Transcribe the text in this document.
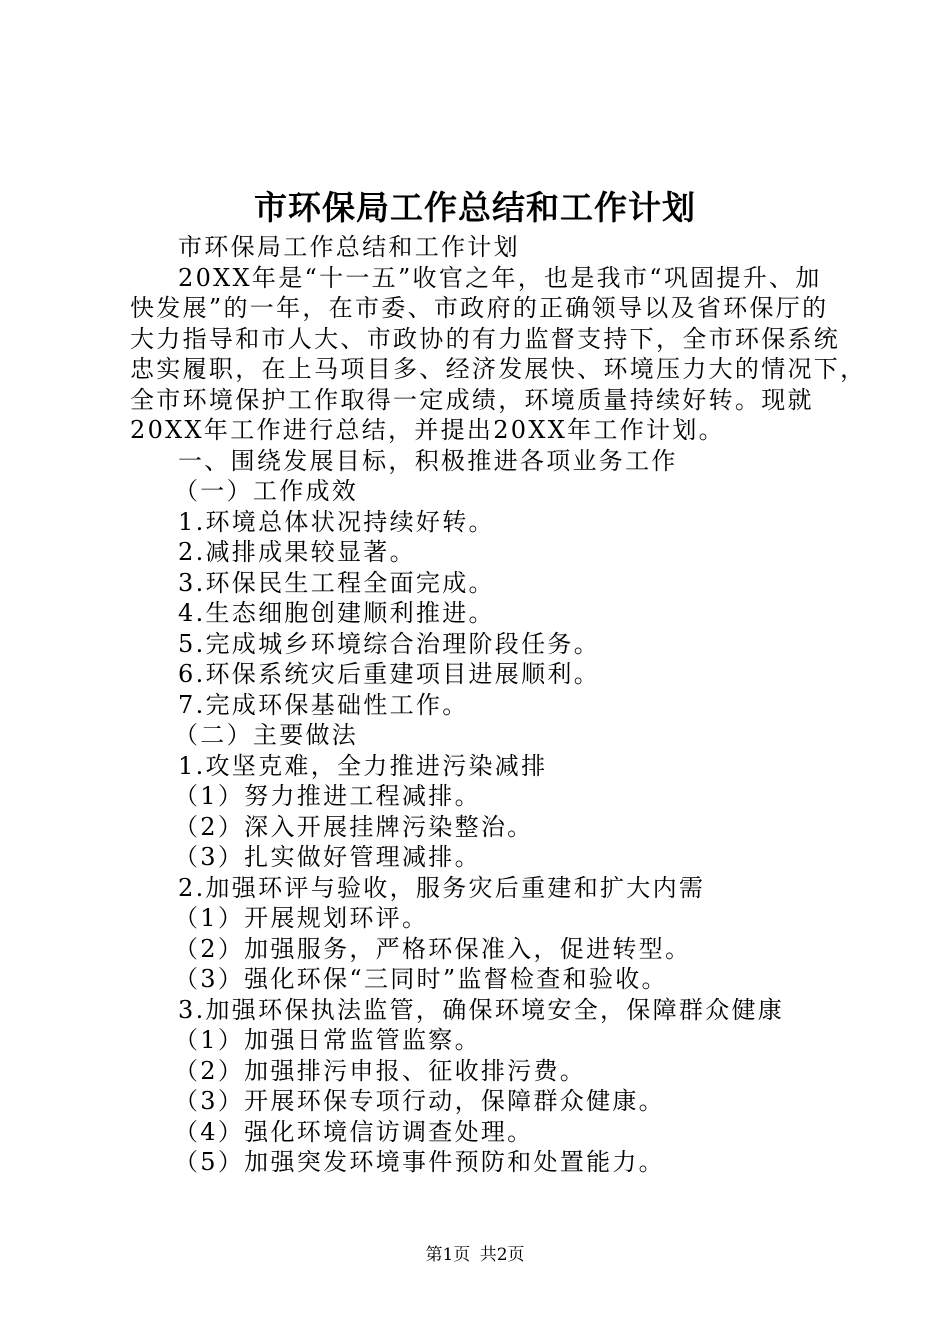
市环保局工作总结和工作计划
市环保局工作总结和工作计划
20XX年是“十一五”收官之年，也是我市“巩固提升、加
快发展”的一年，在市委、市政府的正确领导以及省环保厅的
大力指导和市人大、市政协的有力监督支持下，全市环保系统
忠实履职，在上马项目多、经济发展快、环境压力大的情况下，
全市环境保护工作取得一定成绩，环境质量持续好转。现就
20XX年工作进行总结，并提出20XX年工作计划。
一、围绕发展目标，积极推进各项业务工作
（一）工作成效
1.环境总体状况持续好转。
2.减排成果较显著。
3.环保民生工程全面完成。
4.生态细胞创建顺利推进。
5.完成城乡环境综合治理阶段任务。
6.环保系统灾后重建项目进展顺利。
7.完成环保基础性工作。
（二）主要做法
1.攻坚克难，全力推进污染减排
（1）努力推进工程减排。
（2）深入开展挂牌污染整治。
（3）扎实做好管理减排。
2.加强环评与验收，服务灾后重建和扩大内需
（1）开展规划环评。
（2）加强服务，严格环保准入，促进转型。
（3）强化环保“三同时”监督检查和验收。
3.加强环保执法监管，确保环境安全，保障群众健康
（1）加强日常监管监察。
（2）加强排污申报、征收排污费。
（3）开展环保专项行动，保障群众健康。
（4）强化环境信访调查处理。
（5）加强突发环境事件预防和处置能力。
第1页 共2页
